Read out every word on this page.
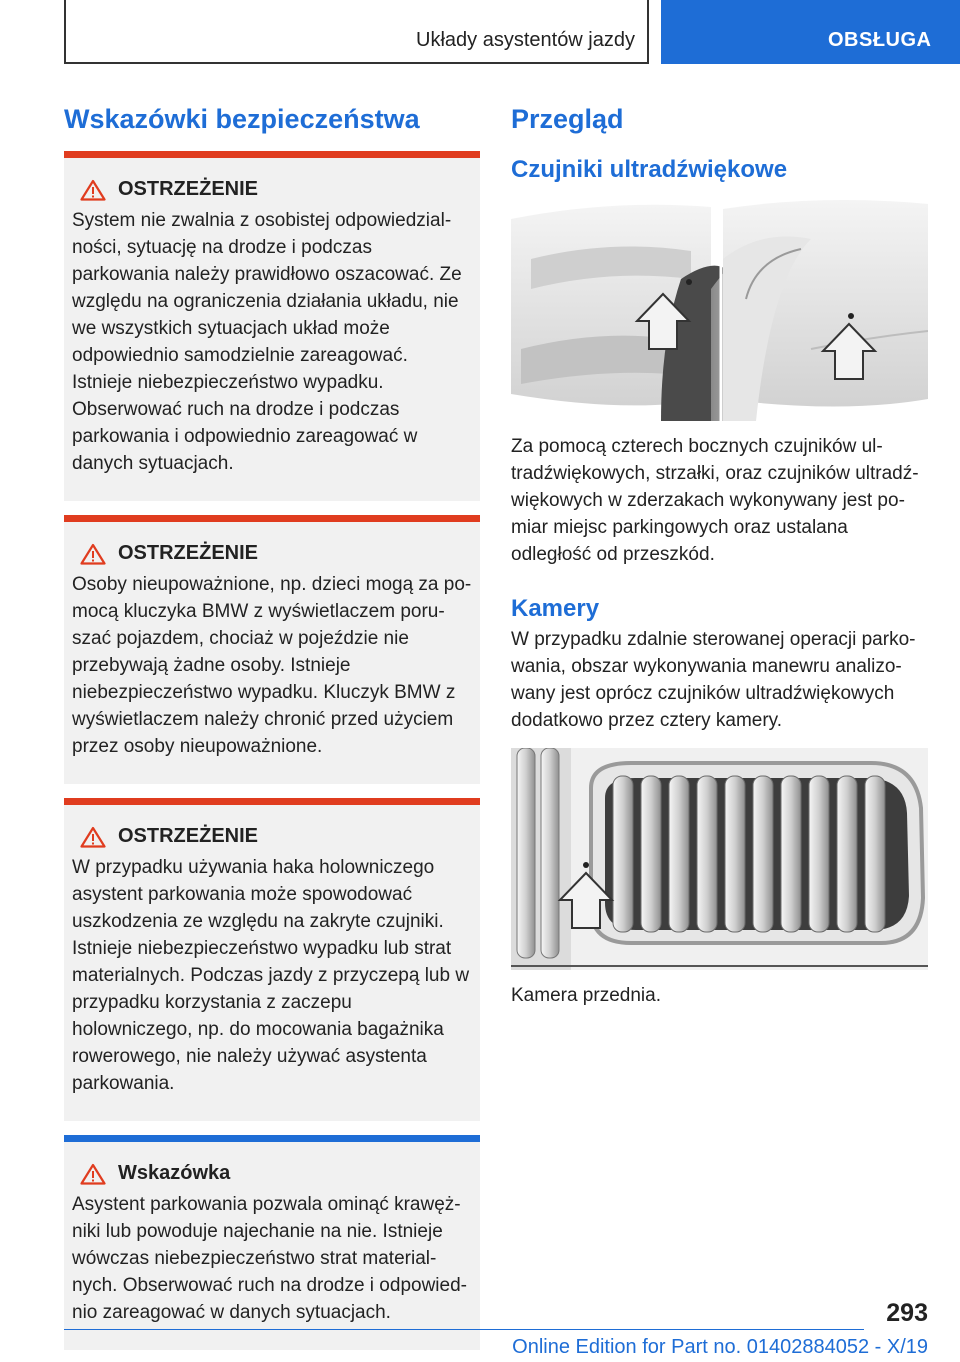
Układy asystentów jazdy	OBSŁUGA
Wskazówki bezpieczeństwa
OSTRZEŻENIE
System nie zwalnia z osobistej odpowiedzialności, sytuację na drodze i podczas parkowania należy prawidłowo oszacować. Ze względu na ograniczenia działania układu, nie we wszystkich sytuacjach układ może odpowiednio samodzielnie zareagować. Istnieje niebezpieczeństwo wypadku. Obserwować ruch na drodze i podczas parkowania i odpowiednio zareagować w danych sytuacjach.
OSTRZEŻENIE
Osoby nieupoważnione, np. dzieci mogą za pomocą kluczyka BMW z wyświetlaczem poruszać pojazdem, chociaż w pojeździe nie przebywają żadne osoby. Istnieje niebezpieczeństwo wypadku. Kluczyk BMW z wyświetlaczem należy chronić przed użyciem przez osoby nieupoważnione.
OSTRZEŻENIE
W przypadku używania haka holowniczego asystent parkowania może spowodować uszkodzenia ze względu na zakryte czujniki. Istnieje niebezpieczeństwo wypadku lub strat materialnych. Podczas jazdy z przyczepą lub w przypadku korzystania z zaczepu holowniczego, np. do mocowania bagażnika rowerowego, nie należy używać asystenta parkowania.
Wskazówka
Asystent parkowania pozwala ominąć krawężniki lub powoduje najechanie na nie. Istnieje wówczas niebezpieczeństwo strat materialnych. Obserwować ruch na drodze i odpowiednio zareagować w danych sytuacjach.
Przegląd
Czujniki ultradźwiękowe

Za pomocą czterech bocznych czujników ultradźwiękowych, strzałki, oraz czujników ultradźwiękowych w zderzakach wykonywany jest pomiar miejsc parkingowych oraz ustalana odległość od przeszkód.

Kamery

W przypadku zdalnie sterowanej operacji parkowania, obszar wykonywania manewru analizowany jest oprócz czujników ultradźwiękowych dodatkowo przez cztery kamery.

Kamera przednia.

293
Online Edition for Part no. 01402884052 - X/19
